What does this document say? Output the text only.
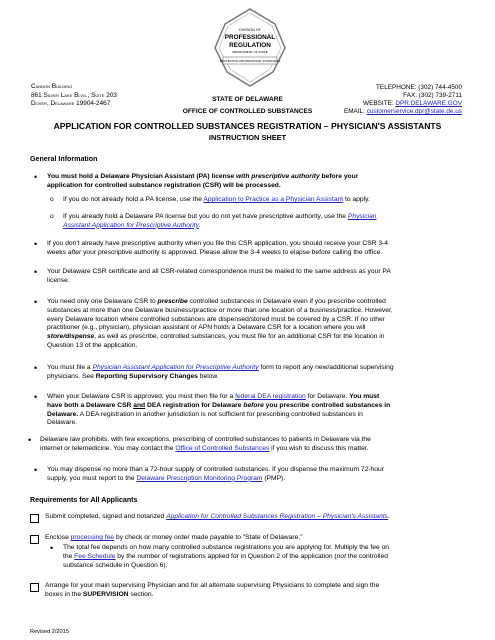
DIVISION OF
PROFESSIONAL
REGULATION
DEPARTMENT OF STATE
PROTECTING PROFESSIONAL STANDARDS
Cannon Building
861 Silver Lake Blvd., Suite 203
Dover, Delaware 19904-2467
STATE OF DELAWARE
OFFICE OF CONTROLLED SUBSTANCES
TELEPHONE: (302) 744-4500
FAX: (302) 739-2711
WEBSITE: DPR.DELAWARE.GOV
EMAIL: customerservice.dpr@state.de.us
APPLICATION FOR CONTROLLED SUBSTANCES REGISTRATION – PHYSICIAN'S ASSISTANTS
INSTRUCTION SHEET
General Information
• You must hold a Delaware Physician Assistant (PA) license with prescriptive authority before your
application for controlled substance registration (CSR) will be processed.
o If you do not already hold a PA license, use the Application to Practice as a Physician Assistant to apply.
o If you already hold a Delaware PA license but you do not yet have prescriptive authority, use the Physician
Assistant Application for Prescriptive Authority.
• If you don't already have prescriptive authority when you file this CSR application, you should receive your CSR 3-4
weeks after your prescriptive authority is approved. Please allow the 3-4 weeks to elapse before calling the office.
• Your Delaware CSR certificate and all CSR-related correspondence must be mailed to the same address as your PA
license.
• You need only one Delaware CSR to prescribe controlled substances in Delaware even if you prescribe controlled
substances at more than one Delaware business/practice or more than one location of a business/practice. However,
every Delaware location where controlled substances are dispensed/stored must be covered by a CSR. If no other
practitioner (e.g., physician), physician assistant or APN holds a Delaware CSR for a location where you will
store/dispense, as well as prescribe, controlled substances, you must file for an additional CSR for the location in
Question 13 of the application.
• You must file a Physician Assistant Application for Prescriptive Authority form to report any new/additional supervising
physicians. See Reporting Supervisory Changes below.
• When your Delaware CSR is approved, you must then file for a federal DEA registration for Delaware. You must
have both a Delaware CSR and DEA registration for Delaware before you prescribe controlled substances in
Delaware. A DEA registration in another jurisdiction is not sufficient for prescribing controlled substances in
Delaware.
• Delaware law prohibits, with few exceptions, prescribing of controlled substances to patients in Delaware via the
internet or telemedicine. You may contact the Office of Controlled Substances if you wish to discuss this matter.
• You may dispense no more than a 72-hour supply of controlled substances. If you dispense the maximum 72-hour
supply, you must report to the Delaware Prescription Monitoring Program (PMP).
Requirements for All Applicants
Submit completed, signed and notarized Application for Controlled Substances Registration – Physician's Assistants.
Enclose processing fee by check or money order made payable to "State of Delaware."
• The total fee depends on how many controlled substance registrations you are applying for. Multiply the fee on
the Fee Schedule by the number of registrations applied for in Question 2 of the application (not the controlled
substance schedule in Question 6).
Arrange for your main supervising Physician and for all alternate supervising Physicians to complete and sign the
boxes in the SUPERVISION section.
Revised 2/2015
